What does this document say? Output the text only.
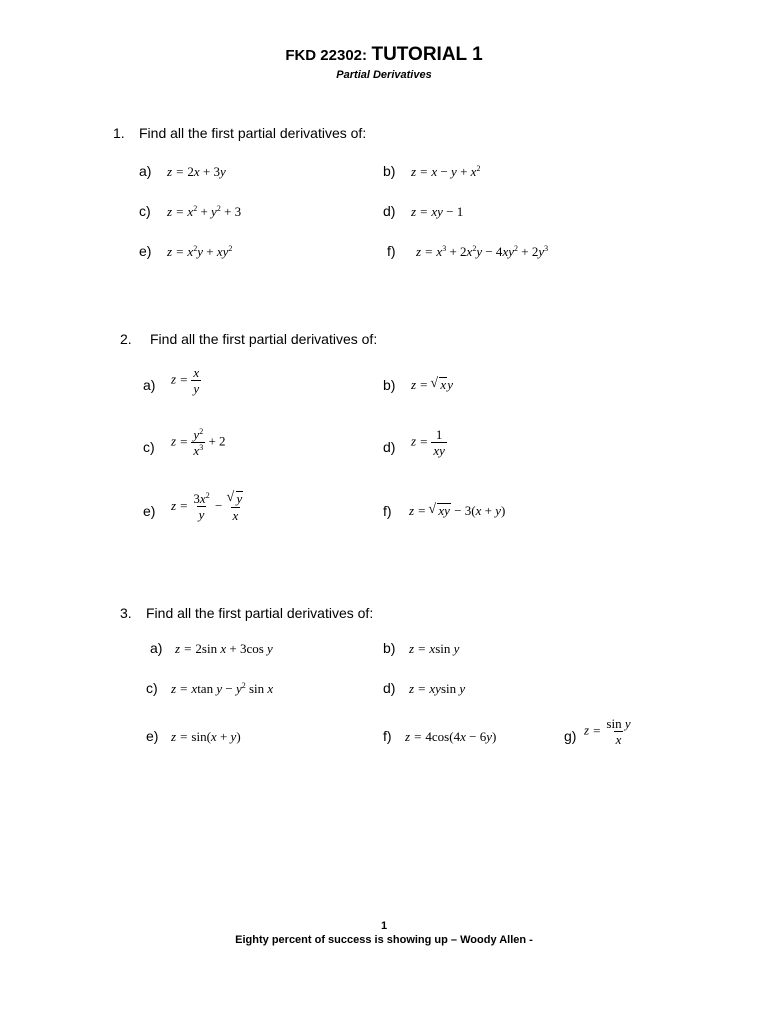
FKD 22302: TUTORIAL 1
Partial Derivatives
1. Find all the first partial derivatives of:
a) z = 2x + 3y	b) $z = x - y + x^2$
c) $z = x^2 + y^2 + 3$	d) z = xy − 1
e) $z = x^2y + xy^2$	f) $z = x^3 + 2x^2y - 4xy^2 + 2y^3$
2. Find all the first partial derivatives of:
a) $z = \frac{x}{y}$	b) z = √ xy
c) $z = \frac{y^2}{x^3} + 2$	d) $z = \frac{1}{xy}$
e) $z = \frac{3x^2}{y}$ − √ $\frac{y}{x}$	f) z = √ xy − 3(x + y)
3. Find all the first partial derivatives of:
a) z = 2sin x + 3cos y	b) z = xsin y
c) z = xtan $y - y^2$ sin x	d) z = xysin y
e) z = sin(x + y)	f) z = 4cos(4x − 6y)	g) $z = \frac{\text{sin y}}{x}$
1
Eighty percent of success is showing up – Woody Allen -
